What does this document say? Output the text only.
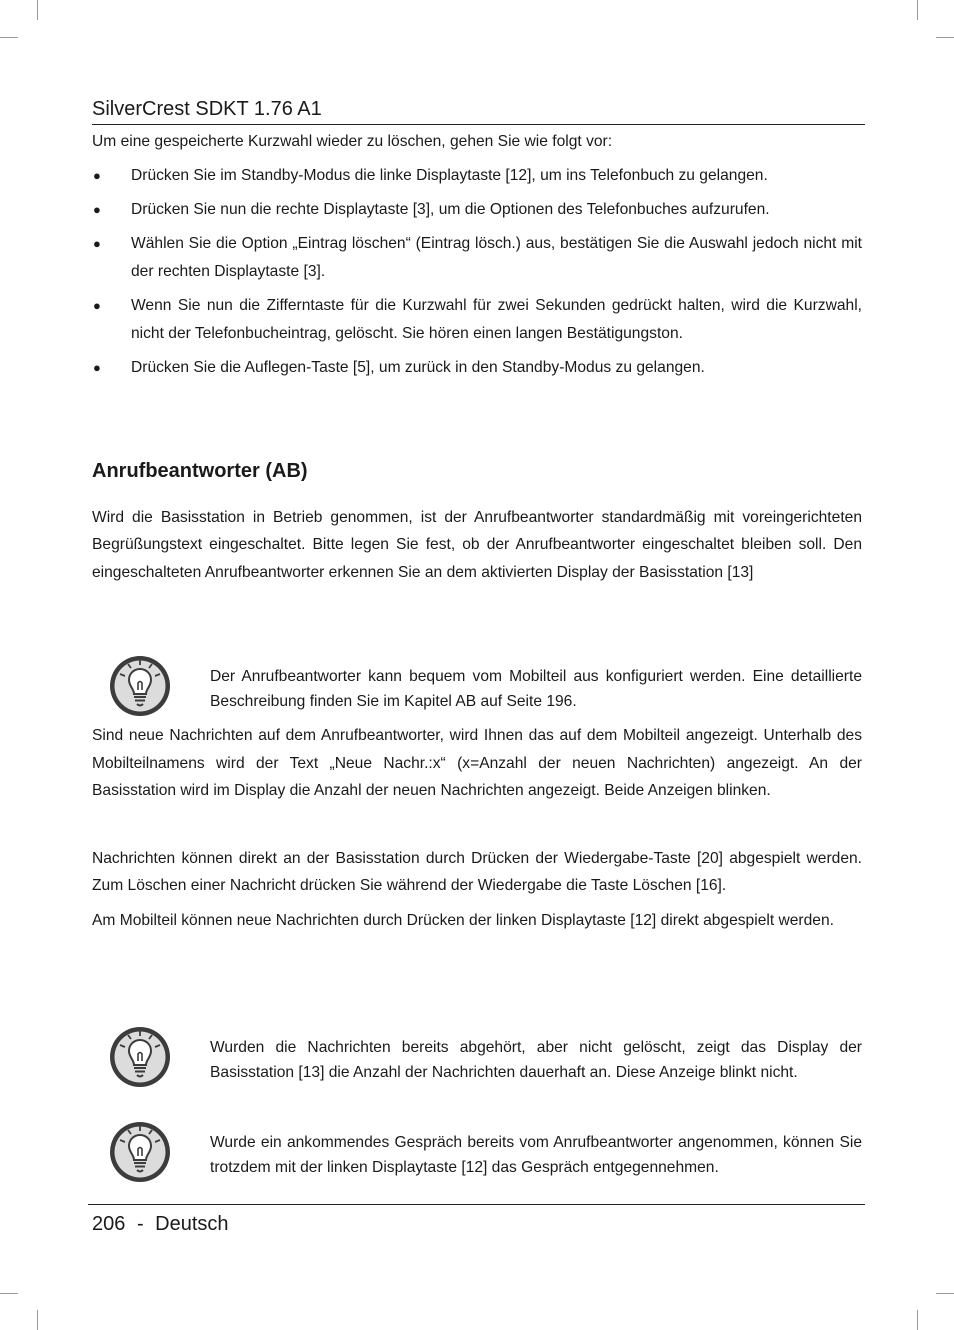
SilverCrest SDKT 1.76 A1

Um eine gespeicherte Kurzwahl wieder zu löschen, gehen Sie wie folgt vor:

● Drücken Sie im Standby-Modus die linke Displaytaste [12], um ins Telefonbuch zu gelangen.
● Drücken Sie nun die rechte Displaytaste [3], um die Optionen des Telefonbuches aufzurufen.
● Wählen Sie die Option „Eintrag löschen“ (Eintrag lösch.) aus, bestätigen Sie die Auswahl jedoch nicht mit der rechten Displaytaste [3].
● Wenn Sie nun die Zifferntaste für die Kurzwahl für zwei Sekunden gedrückt halten, wird die Kurzwahl, nicht der Telefonbucheintrag, gelöscht. Sie hören einen langen Bestätigungston.
● Drücken Sie die Auflegen-Taste [5], um zurück in den Standby-Modus zu gelangen.
Anrufbeantworter (AB)

Wird die Basisstation in Betrieb genommen, ist der Anrufbeantworter standardmäßig mit voreingerichteten Begrüßungstext eingeschaltet. Bitte legen Sie fest, ob der Anrufbeantworter eingeschaltet bleiben soll. Den eingeschalteten Anrufbeantworter erkennen Sie an dem aktivierten Display der Basisstation [13]

Sind neue Nachrichten auf dem Anrufbeantworter, wird Ihnen das auf dem Mobilteil angezeigt. Unterhalb des Mobilteilnamens wird der Text „Neue Nachr.:x“ (x=Anzahl der neuen Nachrichten) angezeigt. An der Basisstation wird im Display die Anzahl der neuen Nachrichten angezeigt. Beide Anzeigen blinken.

Nachrichten können direkt an der Basisstation durch Drücken der Wiedergabe-Taste [20] abgespielt werden. Zum Löschen einer Nachricht drücken Sie während der Wiedergabe die Taste Löschen [16].

Am Mobilteil können neue Nachrichten durch Drücken der linken Displaytaste [12] direkt abgespielt werden.

Der Anrufbeantworter kann bequem vom Mobilteil aus konfiguriert werden. Eine detaillierte Beschreibung finden Sie im Kapitel AB auf Seite 196.
Wurden die Nachrichten bereits abgehört, aber nicht gelöscht, zeigt das Display der Basisstation [13] die Anzahl der Nachrichten dauerhaft an. Diese Anzeige blinkt nicht.
Wurde ein ankommendes Gespräch bereits vom Anrufbeantworter angenommen, können Sie trotzdem mit der linken Displaytaste [12] das Gespräch entgegennehmen.
206 - Deutsch
